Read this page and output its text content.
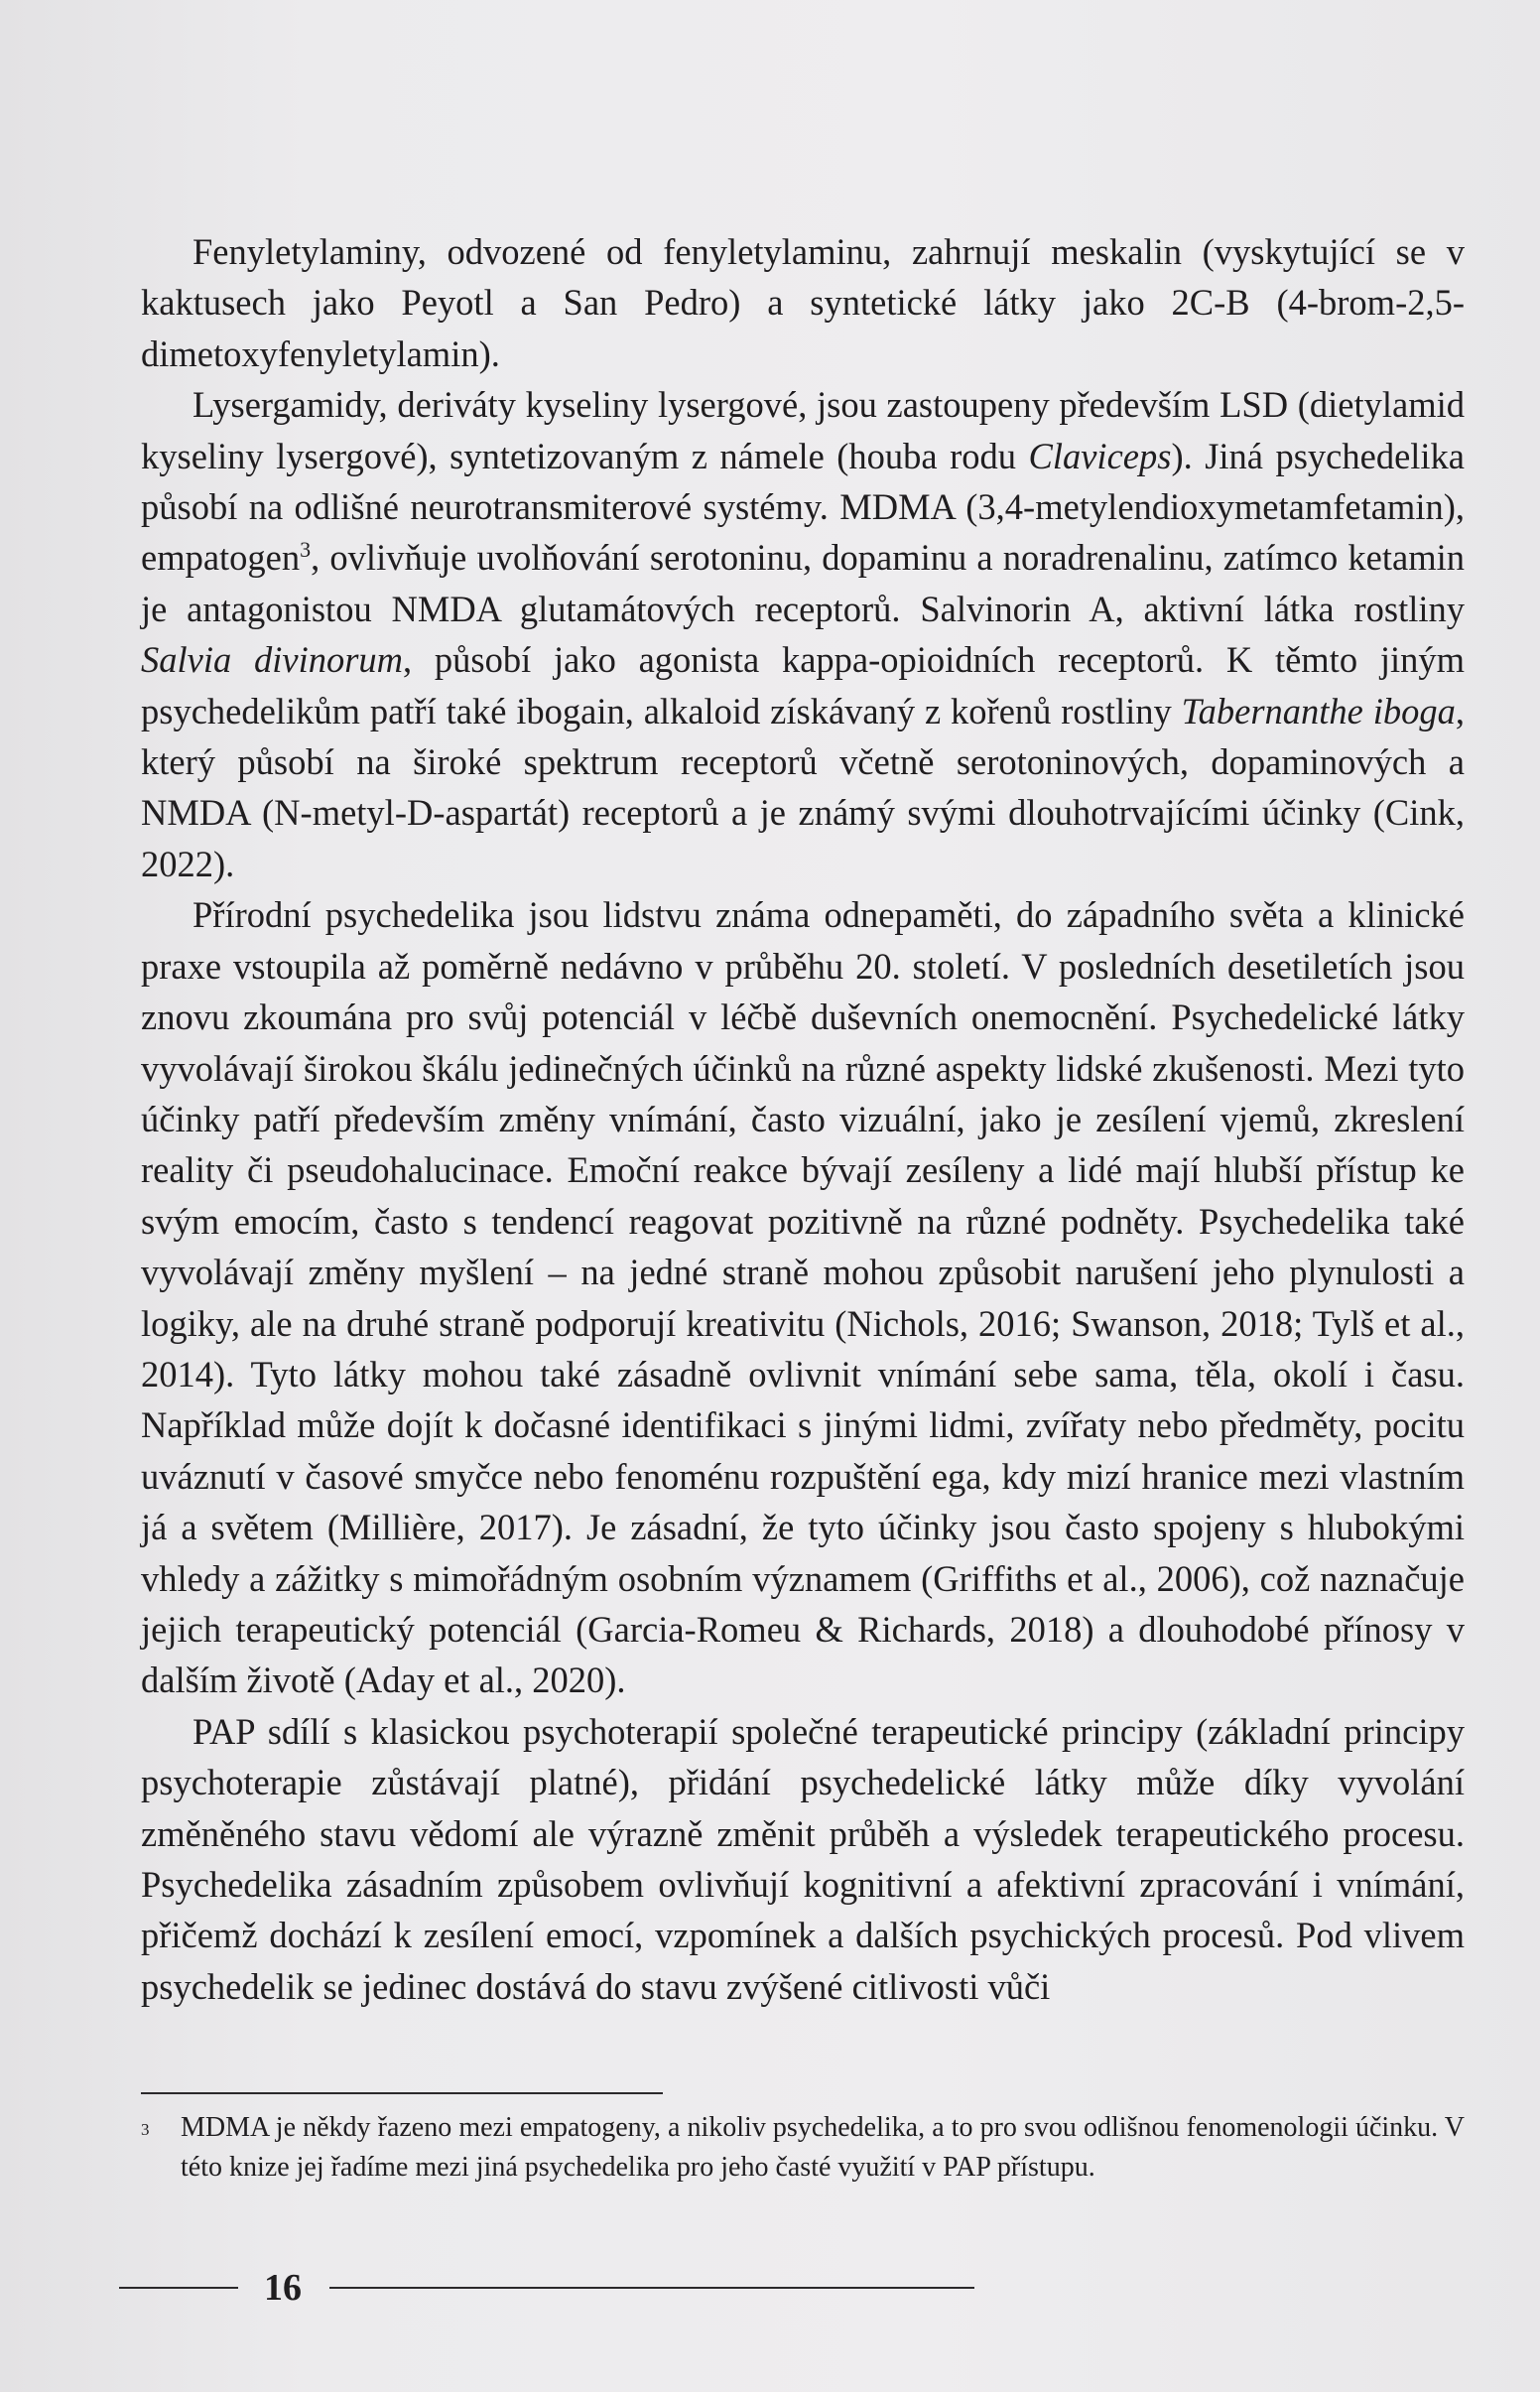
Fenyletylaminy, odvozené od fenyletylaminu, zahrnují meskalin (vyskytující se v kaktusech jako Peyotl a San Pedro) a syntetické látky jako 2C-B (4-brom-2,5-dimetoxyfenyletylamin).

Lysergamidy, deriváty kyseliny lysergové, jsou zastoupeny především LSD (dietylamid kyseliny lysergové), syntetizovaným z námele (houba rodu Claviceps). Jiná psychedelika působí na odlišné neurotransmiterové systémy. MDMA (3,4-metylendioxymetamfetamin), empatogen$^3$, ovlivňuje uvolňování serotoninu, dopaminu a noradrenalinu, zatímco ketamin je antagonistou NMDA glutamátových receptorů. Salvinorin A, aktivní látka rostliny Salvia divinorum, působí jako agonista kappa-opioidních receptorů. K těmto jiným psychedelikům patří také ibogain, alkaloid získávaný z kořenů rostliny Tabernanthe iboga, který působí na široké spektrum receptorů včetně serotoninových, dopaminových a NMDA (N-metyl-D-aspartát) receptorů a je známý svými dlouhotrvajícími účinky (Cink, 2022).

Přírodní psychedelika jsou lidstvu známa odnepaměti, do západního světa a klinické praxe vstoupila až poměrně nedávno v průběhu 20. století. V posledních desetiletích jsou znovu zkoumána pro svůj potenciál v léčbě duševních onemocnění. Psychedelické látky vyvolávají širokou škálu jedinečných účinků na různé aspekty lidské zkušenosti. Mezi tyto účinky patří především změny vnímání, často vizuální, jako je zesílení vjemů, zkreslení reality či pseudohalucinace. Emoční reakce bývají zesíleny a lidé mají hlubší přístup ke svým emocím, často s tendencí reagovat pozitivně na různé podněty. Psychedelika také vyvolávají změny myšlení – na jedné straně mohou způsobit narušení jeho plynulosti a logiky, ale na druhé straně podporují kreativitu (Nichols, 2016; Swanson, 2018; Tylš et al., 2014). Tyto látky mohou také zásadně ovlivnit vnímání sebe sama, těla, okolí i času. Například může dojít k dočasné identifikaci s jinými lidmi, zvířaty nebo předměty, pocitu uváznutí v časové smyčce nebo fenoménu rozpuštění ega, kdy mizí hranice mezi vlastním já a světem (Millière, 2017). Je zásadní, že tyto účinky jsou často spojeny s hlubokými vhledy a zážitky s mimořádným osobním významem (Griffiths et al., 2006), což naznačuje jejich terapeutický potenciál (Garcia-Romeu & Richards, 2018) a dlouhodobé přínosy v dalším životě (Aday et al., 2020).

PAP sdílí s klasickou psychoterapií společné terapeutické principy (základní principy psychoterapie zůstávají platné), přidání psychedelické látky může díky vyvolání změněného stavu vědomí ale výrazně změnit průběh a výsledek terapeutického procesu. Psychedelika zásadním způsobem ovlivňují kognitivní a afektivní zpracování i vnímání, přičemž dochází k zesílení emocí, vzpomínek a dalších psychických procesů. Pod vlivem psychedelik se jedinec dostává do stavu zvýšené citlivosti vůči

3 MDMA je někdy řazeno mezi empatogeny, a nikoliv psychedelika, a to pro svou odlišnou fenomenologii účinku. V této knize jej řadíme mezi jiná psychedelika pro jeho časté využití v PAP přístupu.
16
